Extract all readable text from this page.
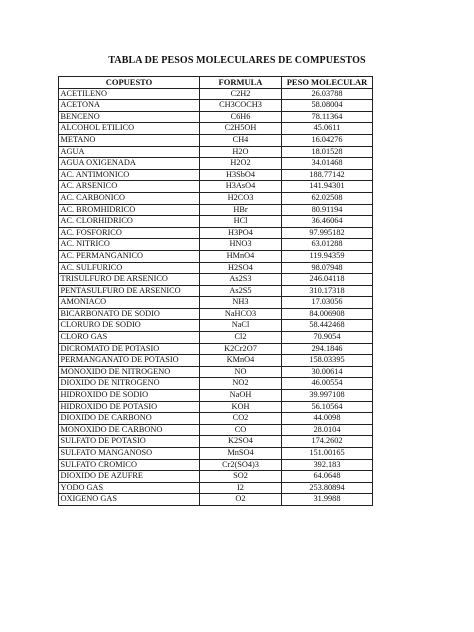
TABLA DE PESOS MOLECULARES DE COMPUESTOS
COPUESTO	FORMULA	PESO MOLECULAR
ACETILENO	C2H2	26.03788
ACETONA	CH3COCH3	58.08004
BENCENO	C6H6	78.11364
ALCOHOL ETILICO	C2H5OH	45.0611
METANO	CH4	16.04276
AGUA	H2O	18.01528
AGUA OXIGENADA	H2O2	34.01468
AC. ANTIMONICO	H3SbO4	188.77142
AC. ARSENICO	H3AsO4	141.94301
AC. CARBONICO	H2CO3	62.02508
AC. BROMHIDRICO	HBr	80.91194
AC. CLORHIDRICO	HCl	36.46064
AC. FOSFORICO	H3PO4	97.995182
AC. NITRICO	HNO3	63.01288
AC. PERMANGANICO	HMnO4	119.94359
AC. SULFURICO	H2SO4	98.07948
TRISULFURO DE ARSENICO	As2S3	246.04118
PENTASULFURO DE ARSENICO	As2S5	310.17318
AMONIACO	NH3	17.03056
BICARBONATO DE SODIO	NaHCO3	84.006908
CLORURO DE SODIO	NaCl	58.442468
CLORO GAS	Cl2	70.9054
DICROMATO DE POTASIO	K2Cr2O7	294.1846
PERMANGANATO DE POTASIO	KMnO4	158.03395
MONOXIDO DE NITROGENO	NO	30.00614
DIOXIDO DE NITROGENO	NO2	46.00554
HIDROXIDO DE SODIO	NaOH	39.997108
HIDROXIDO DE POTASIO	KOH	56.10564
DIOXIDO DE CARBONO	CO2	44.0098
MONOXIDO DE CARBONO	CO	28.0104
SULFATO DE POTASIO	K2SO4	174.2602
SULFATO MANGANOSO	MnSO4	151.00165
SULFATO CROMICO	Cr2(SO4)3	392.183
DIOXIDO DE AZUFRE	SO2	64.0648
YODO GAS	I2	253.80894
OXIGENO GAS	O2	31.9988
